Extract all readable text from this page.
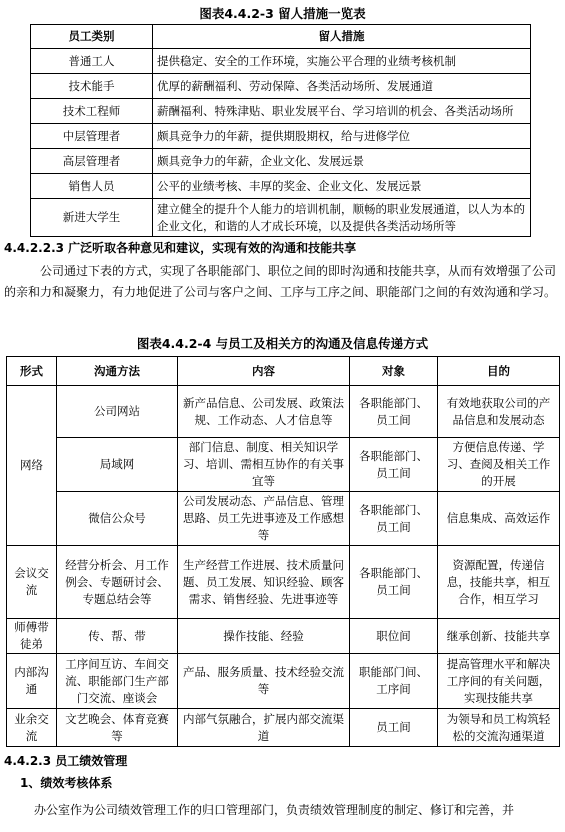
图表4.4.2-3 留人措施一览表
员工类别	留人措施
普通工人	提供稳定、安全的工作环境，实施公平合理的业绩考核机制
技术能手	优厚的薪酬福利、劳动保障、各类活动场所、发展通道
技术工程师	薪酬福利、特殊津贴、职业发展平台、学习培训的机会、各类活动场所
中层管理者	颇具竞争力的年薪，提供期股期权，给与进修学位
高层管理者	颇具竞争力的年薪，企业文化、发展远景
销售人员	公平的业绩考核、丰厚的奖金、企业文化、发展远景
新进大学生	建立健全的提升个人能力的培训机制，顺畅的职业发展通道，以人为本的企业文化，和谐的人才成长环境，以及提供各类活动场所等
4.4.2.2.3 广泛听取各种意见和建议，实现有效的沟通和技能共享
公司通过下表的方式，实现了各职能部门、职位之间的即时沟通和技能共享，从而有效增强了公司的亲和力和凝聚力，有力地促进了公司与客户之间、工序与工序之间、职能部门之间的有效沟通和学习。
图表4.4.2-4 与员工及相关方的沟通及信息传递方式
形式	沟通方法	内容	对象	目的
网络	公司网站	新产品信息、公司发展、政策法规、工作动态、人才信息等	各职能部门、员工间	有效地获取公司的产品信息和发展动态
	局域网	部门信息、制度、相关知识学习、培训、需相互协作的有关事宜等	各职能部门、员工间	方便信息传递、学习、查阅及相关工作的开展
	微信公众号	公司发展动态、产品信息、管理思路、员工先进事迹及工作感想等	各职能部门、员工间	信息集成、高效运作
会议交流	经营分析会、月工作例会、专题研讨会、专题总结会等	生产经营工作进展、技术质量问题、员工发展、知识经验、顾客需求、销售经验、先进事迹等	各职能部门、员工间	资源配置，传递信息，技能共享，相互合作，相互学习
师傅带徒弟	传、帮、带	操作技能、经验	职位间	继承创新、技能共享
内部沟通	工序间互访、车间交流、职能部门生产部门交流、座谈会	产品、服务质量、技术经验交流等	职能部门间、工序间	提高管理水平和解决工序间的有关问题，实现技能共享
业余交流	文艺晚会、体育竞赛等	内部气氛融合，扩展内部交流渠道	员工间	为领导和员工构筑轻松的交流沟通渠道
4.4.2.3 员工绩效管理
1、绩效考核体系
办公室作为公司绩效管理工作的归口管理部门，负责绩效管理制度的制定、修订和完善，并
